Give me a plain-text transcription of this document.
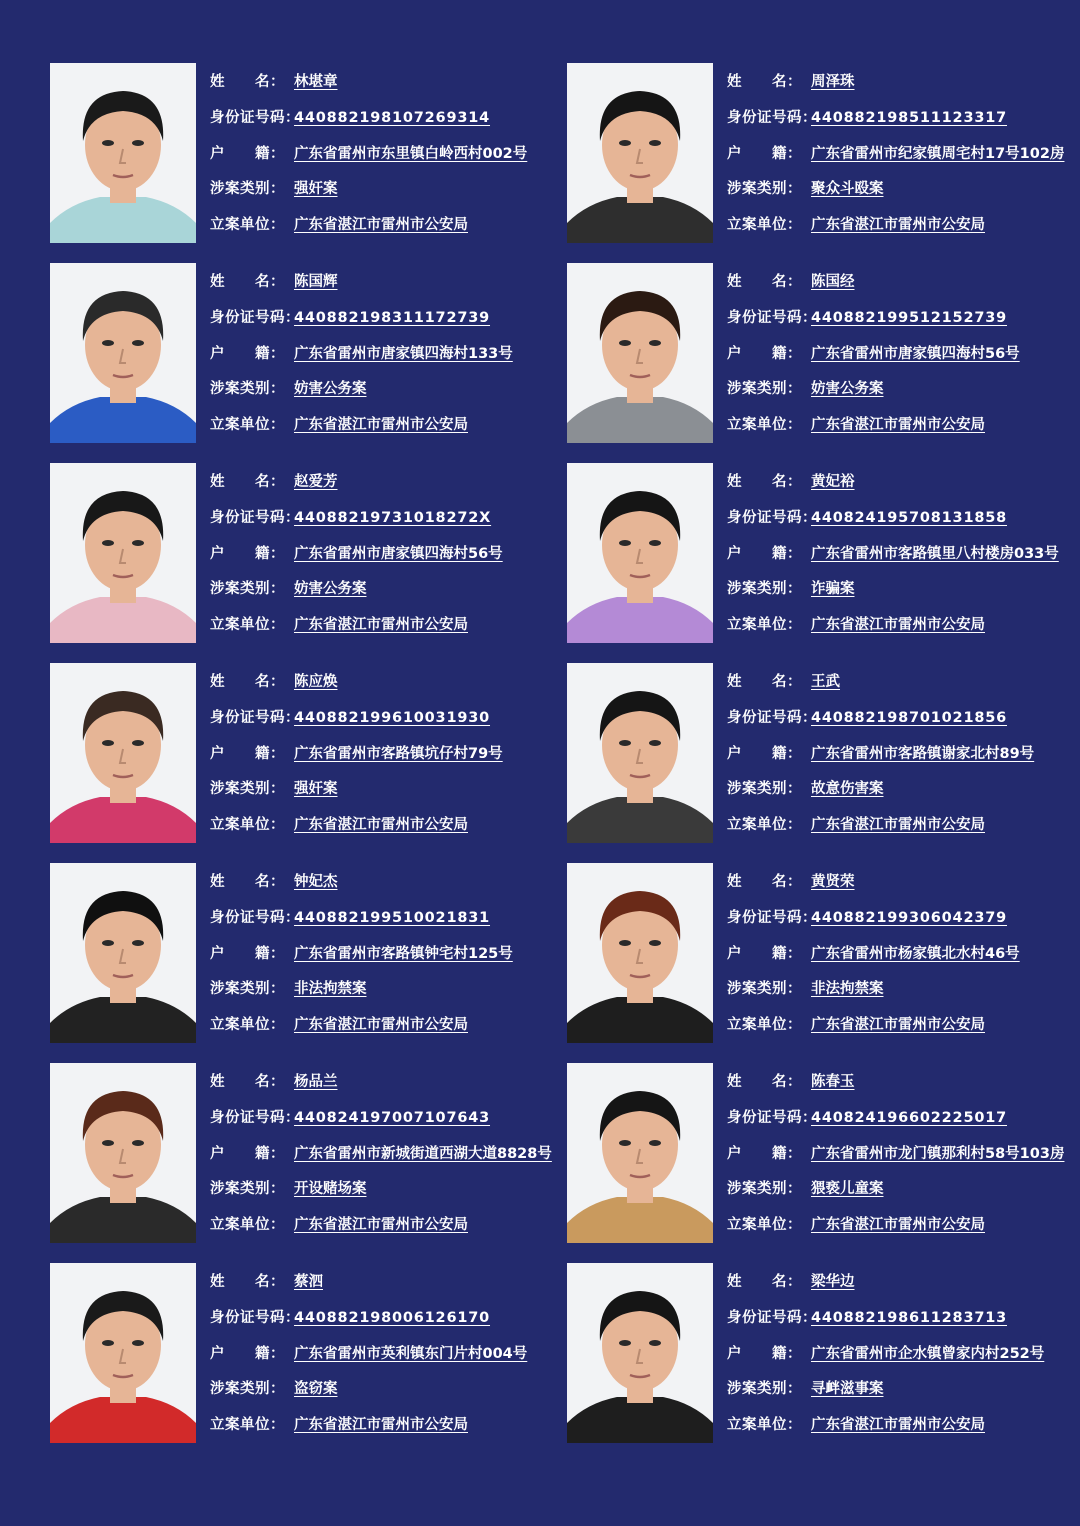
姓　　名： 林堪章
身份证号码：440882198107269314
户　　籍： 广东省雷州市东里镇白岭西村002号
涉案类别： 强奸案
立案单位： 广东省湛江市雷州市公安局
姓　　名： 周泽珠
身份证号码：440882198511123317
户　　籍： 广东省雷州市纪家镇周宅村17号102房
涉案类别： 聚众斗殴案
立案单位： 广东省湛江市雷州市公安局
姓　　名： 陈国辉
身份证号码：440882198311172739
户　　籍： 广东省雷州市唐家镇四海村133号
涉案类别： 妨害公务案
立案单位： 广东省湛江市雷州市公安局
姓　　名： 陈国经
身份证号码：440882199512152739
户　　籍： 广东省雷州市唐家镇四海村56号
涉案类别： 妨害公务案
立案单位： 广东省湛江市雷州市公安局
姓　　名： 赵爱芳
身份证号码：44088219731018272X
户　　籍： 广东省雷州市唐家镇四海村56号
涉案类别： 妨害公务案
立案单位： 广东省湛江市雷州市公安局
姓　　名： 黄妃裕
身份证号码：440824195708131858
户　　籍： 广东省雷州市客路镇里八村楼房033号
涉案类别： 诈骗案
立案单位： 广东省湛江市雷州市公安局
姓　　名： 陈应焕
身份证号码：440882199610031930
户　　籍： 广东省雷州市客路镇坑仔村79号
涉案类别： 强奸案
立案单位： 广东省湛江市雷州市公安局
姓　　名： 王武
身份证号码：440882198701021856
户　　籍： 广东省雷州市客路镇谢家北村89号
涉案类别： 故意伤害案
立案单位： 广东省湛江市雷州市公安局
姓　　名： 钟妃杰
身份证号码：440882199510021831
户　　籍： 广东省雷州市客路镇钟宅村125号
涉案类别： 非法拘禁案
立案单位： 广东省湛江市雷州市公安局
姓　　名： 黄贤荣
身份证号码：440882199306042379
户　　籍： 广东省雷州市杨家镇北水村46号
涉案类别： 非法拘禁案
立案单位： 广东省湛江市雷州市公安局
姓　　名： 杨品兰
身份证号码：440824197007107643
户　　籍： 广东省雷州市新城街道西湖大道8828号
涉案类别： 开设赌场案
立案单位： 广东省湛江市雷州市公安局
姓　　名： 陈春玉
身份证号码：440824196602225017
户　　籍： 广东省雷州市龙门镇那利村58号103房
涉案类别： 猥亵儿童案
立案单位： 广东省湛江市雷州市公安局
姓　　名： 蔡泗
身份证号码：440882198006126170
户　　籍： 广东省雷州市英利镇东门片村004号
涉案类别： 盗窃案
立案单位： 广东省湛江市雷州市公安局
姓　　名： 梁华边
身份证号码：440882198611283713
户　　籍： 广东省雷州市企水镇曾家内村252号
涉案类别： 寻衅滋事案
立案单位： 广东省湛江市雷州市公安局
